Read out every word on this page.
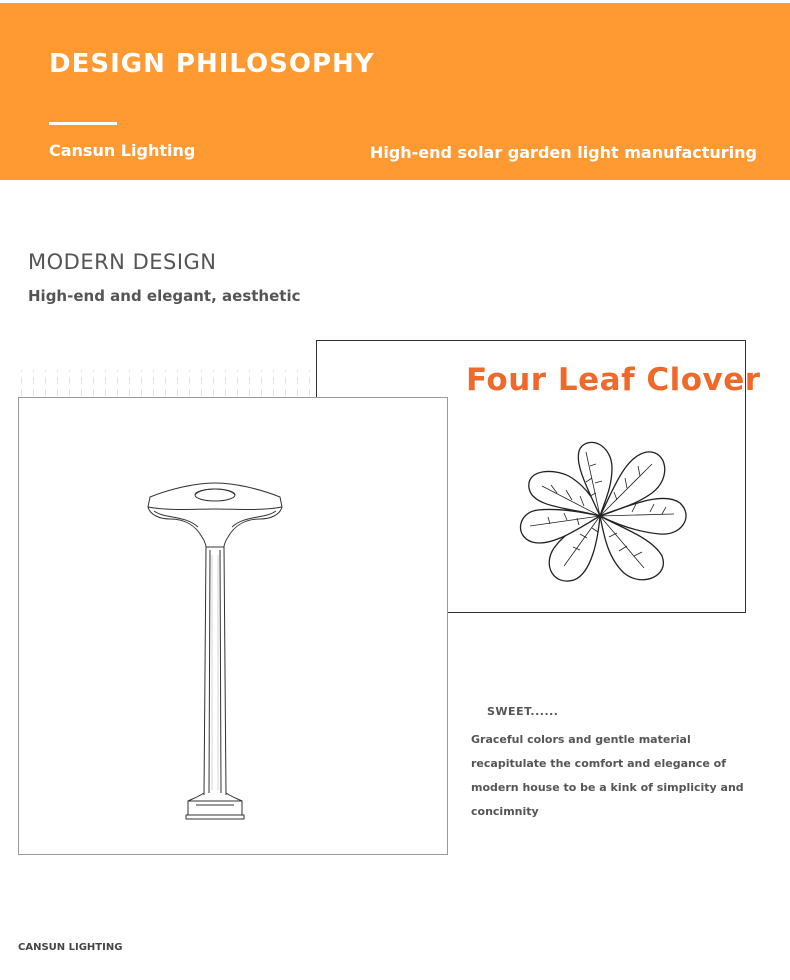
DESIGN PHILOSOPHY
Cansun Lighting	High-end solar garden light manufacturing
MODERN DESIGN
High-end and elegant, aesthetic
Four Leaf Clover
SWEET......
Graceful colors and gentle material recapitulate the comfort and elegance of modern house to be a kink of simplicity and concimnity
CANSUN LIGHTING
